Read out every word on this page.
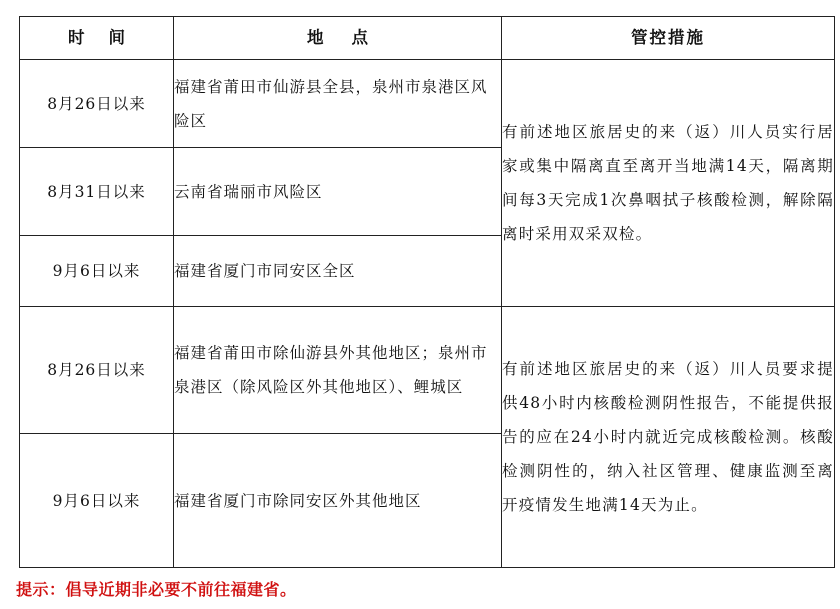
时间	地点	管控措施
8月26日以来	福建省莆田市仙游县全县，泉州市泉港区风险区	有前述地区旅居史的来（返）川人员实行居家或集中隔离直至离开当地满14天，隔离期间每3天完成1次鼻咽拭子核酸检测，解除隔离时采用双采双检。
8月31日以来	云南省瑞丽市风险区	
9月6日以来	福建省厦门市同安区全区	
8月26日以来	福建省莆田市除仙游县外其他地区；泉州市泉港区（除风险区外其他地区）、鲤城区	有前述地区旅居史的来（返）川人员要求提供48小时内核酸检测阴性报告，不能提供报告的应在24小时内就近完成核酸检测。核酸检测阴性的，纳入社区管理、健康监测至离开疫情发生地满14天为止。
9月6日以来	福建省厦门市除同安区外其他地区	
提示：倡导近期非必要不前往福建省。
